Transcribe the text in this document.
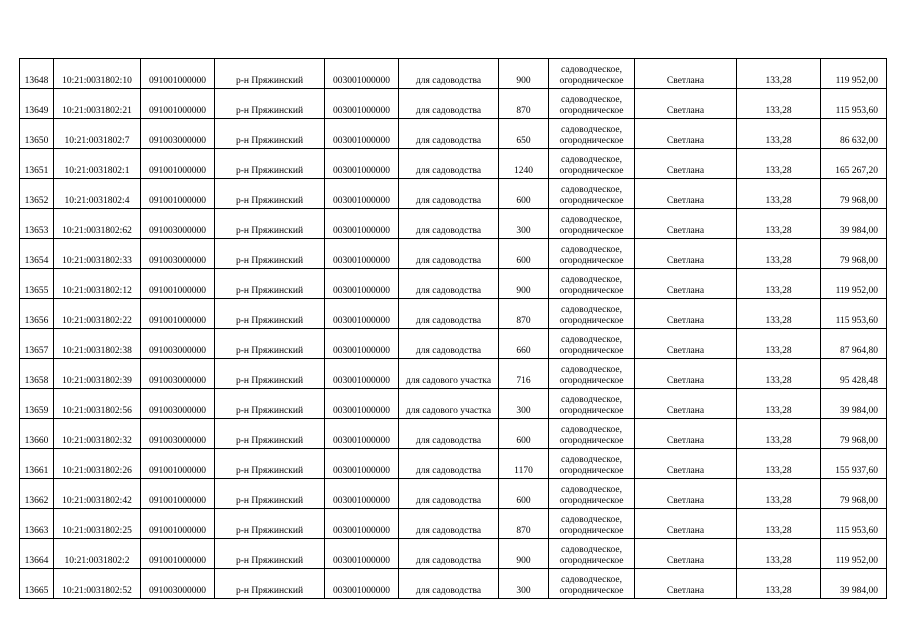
13648	10:21:0031802:10	091001000000	р-н Пряжинский	003001000000	для садоводства	900	садоводческое,
огородническое	Светлана	133,28	119 952,00
13649	10:21:0031802:21	091001000000	р-н Пряжинский	003001000000	для садоводства	870	садоводческое,
огородническое	Светлана	133,28	115 953,60
13650	10:21:0031802:7	091003000000	р-н Пряжинский	003001000000	для садоводства	650	садоводческое,
огородническое	Светлана	133,28	86 632,00
13651	10:21:0031802:1	091001000000	р-н Пряжинский	003001000000	для садоводства	1240	садоводческое,
огородническое	Светлана	133,28	165 267,20
13652	10:21:0031802:4	091001000000	р-н Пряжинский	003001000000	для садоводства	600	садоводческое,
огородническое	Светлана	133,28	79 968,00
13653	10:21:0031802:62	091003000000	р-н Пряжинский	003001000000	для садоводства	300	садоводческое,
огородническое	Светлана	133,28	39 984,00
13654	10:21:0031802:33	091003000000	р-н Пряжинский	003001000000	для садоводства	600	садоводческое,
огородническое	Светлана	133,28	79 968,00
13655	10:21:0031802:12	091001000000	р-н Пряжинский	003001000000	для садоводства	900	садоводческое,
огородническое	Светлана	133,28	119 952,00
13656	10:21:0031802:22	091001000000	р-н Пряжинский	003001000000	для садоводства	870	садоводческое,
огородническое	Светлана	133,28	115 953,60
13657	10:21:0031802:38	091003000000	р-н Пряжинский	003001000000	для садоводства	660	садоводческое,
огородническое	Светлана	133,28	87 964,80
13658	10:21:0031802:39	091003000000	р-н Пряжинский	003001000000	для садового участка	716	садоводческое,
огородническое	Светлана	133,28	95 428,48
13659	10:21:0031802:56	091003000000	р-н Пряжинский	003001000000	для садового участка	300	садоводческое,
огородническое	Светлана	133,28	39 984,00
13660	10:21:0031802:32	091003000000	р-н Пряжинский	003001000000	для садоводства	600	садоводческое,
огородническое	Светлана	133,28	79 968,00
13661	10:21:0031802:26	091001000000	р-н Пряжинский	003001000000	для садоводства	1170	садоводческое,
огородническое	Светлана	133,28	155 937,60
13662	10:21:0031802:42	091001000000	р-н Пряжинский	003001000000	для садоводства	600	садоводческое,
огородническое	Светлана	133,28	79 968,00
13663	10:21:0031802:25	091001000000	р-н Пряжинский	003001000000	для садоводства	870	садоводческое,
огородническое	Светлана	133,28	115 953,60
13664	10:21:0031802:2	091001000000	р-н Пряжинский	003001000000	для садоводства	900	садоводческое,
огородническое	Светлана	133,28	119 952,00
13665	10:21:0031802:52	091003000000	р-н Пряжинский	003001000000	для садоводства	300	садоводческое,
огородническое	Светлана	133,28	39 984,00
